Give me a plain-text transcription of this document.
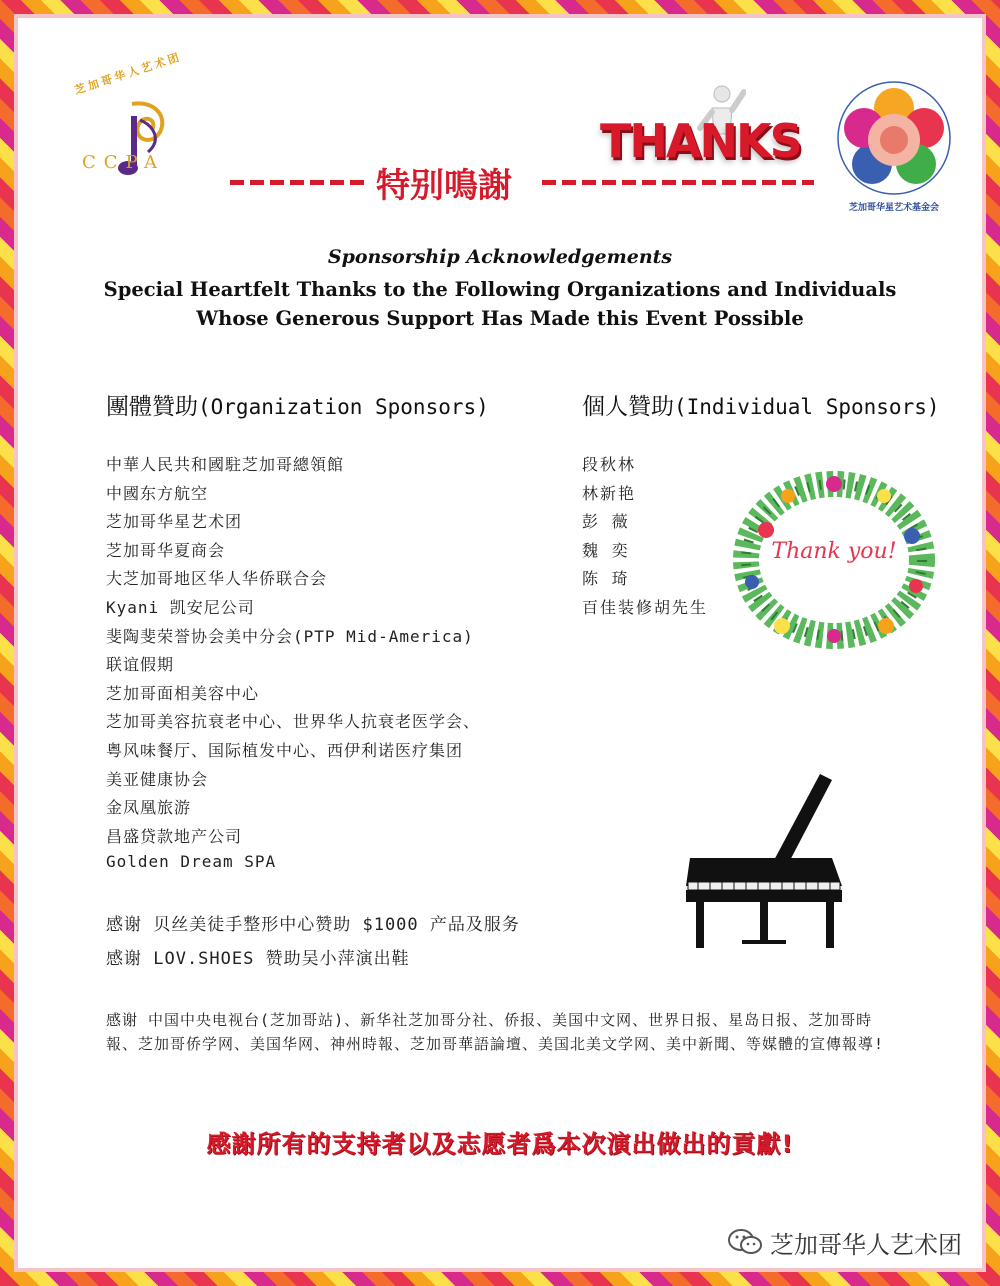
芝加哥华人艺术团
CCPA	THANKS
芝加哥华星艺术基金会
特别鳴謝
Sponsorship Acknowledgements
Special Heartfelt Thanks to the Following Organizations and Individuals
Whose Generous Support Has Made this Event Possible
團體贊助(Organization Sponsors)	個人贊助(Individual Sponsors)
中華人民共和國駐芝加哥總領館
中國东方航空
芝加哥华星艺术团
芝加哥华夏商会
大芝加哥地区华人华侨联合会
Kyani 凯安尼公司
斐陶斐荣誉协会美中分会(PTP Mid-America)
联谊假期
芝加哥面相美容中心
芝加哥美容抗衰老中心、世界华人抗衰老医学会、
粤风味餐厅、国际植发中心、西伊利诺医疗集团
美亚健康协会
金凤凰旅游
昌盛贷款地产公司
Golden Dream SPA
段秋林
林新艳
彭 薇
魏 奕
陈 琦
百佳装修胡先生
Thank you!
感谢 贝丝美徒手整形中心赞助 $1000 产品及服务
感谢 LOV.SHOES 赞助吴小萍演出鞋
感谢 中国中央电视台(芝加哥站)、新华社芝加哥分社、侨报、美国中文网、世界日报、星岛日报、芝加哥時報、芝加哥侨学网、美国华网、神州時報、芝加哥華語論壇、美国北美文学网、美中新聞、等媒體的宣傳報導!
感謝所有的支持者以及志愿者爲本次演出做出的貢獻!
芝加哥华人艺术团
